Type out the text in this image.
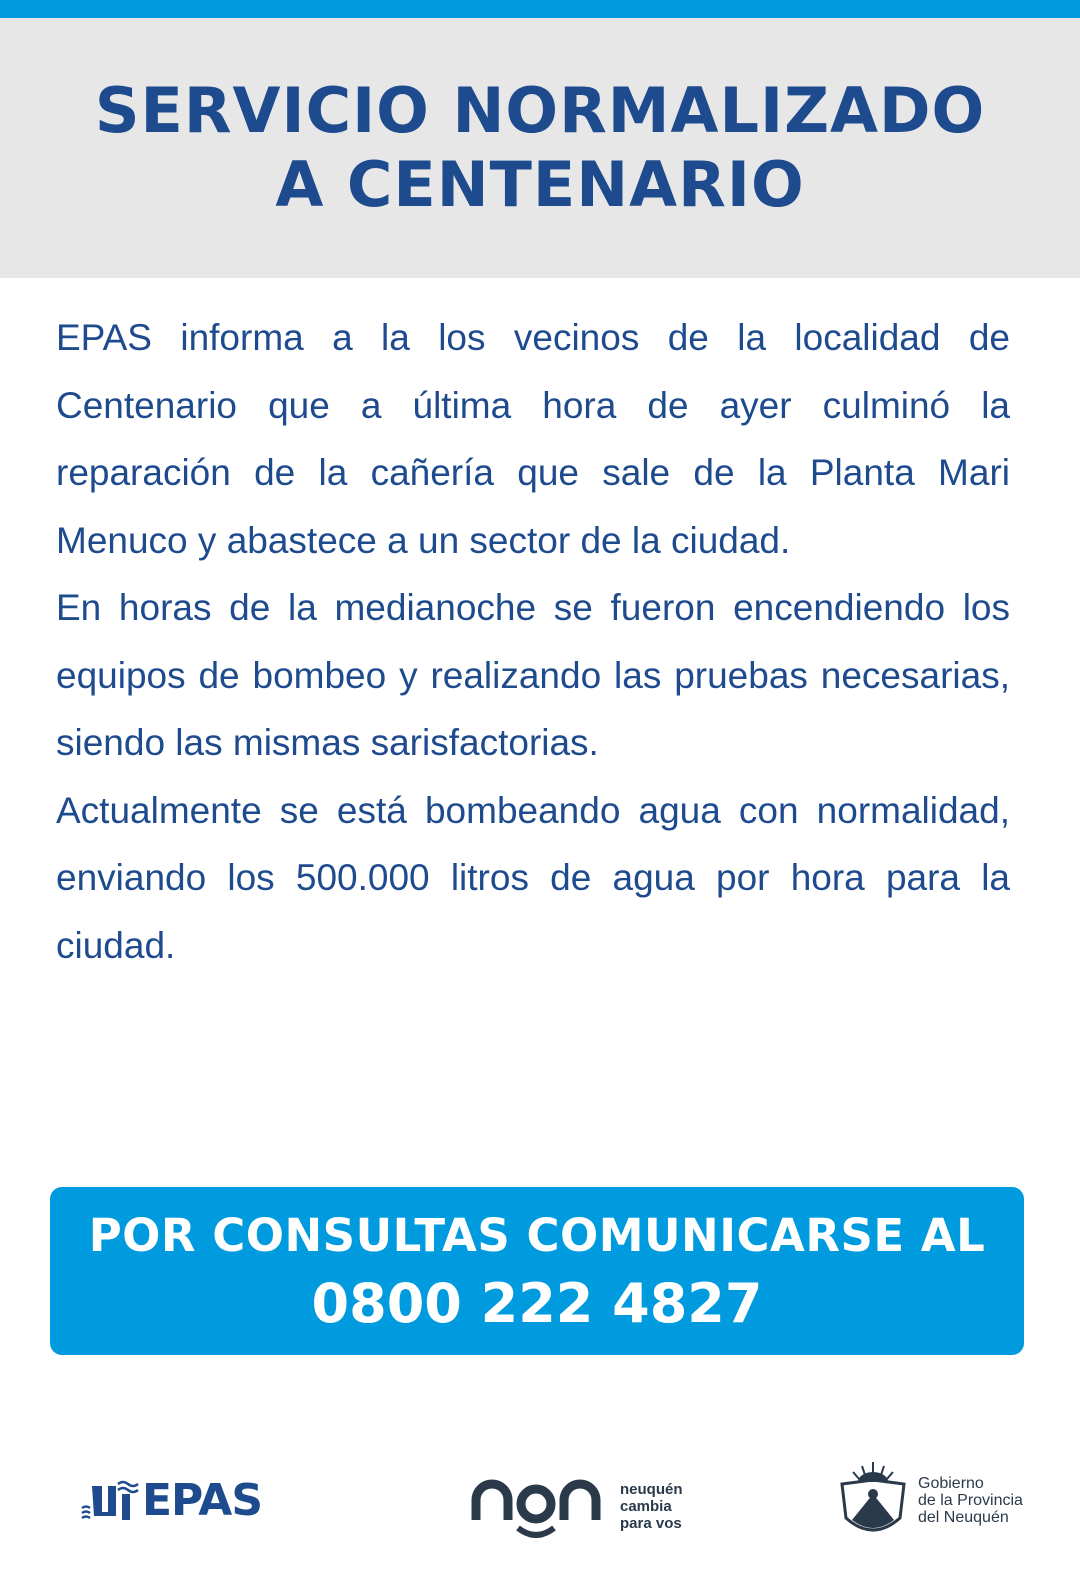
SERVICIO NORMALIZADO
A CENTENARIO

EPAS informa a la los vecinos de la localidad de Centenario que a última hora de ayer culminó la reparación de la cañería que sale de la Planta Mari Menuco y abastece a un sector de la ciudad.

En horas de la medianoche se fueron encendiendo los equipos de bombeo y realizando las pruebas necesarias, siendo las mismas sarisfactorias.

Actualmente se está bombeando agua con normalidad, enviando los 500.000 litros de agua por hora para la ciudad.

POR CONSULTAS COMUNICARSE AL
0800 222 4827
EPAS	neuquén
cambia
para vos
Gobierno
de la Provincia
del Neuquén
